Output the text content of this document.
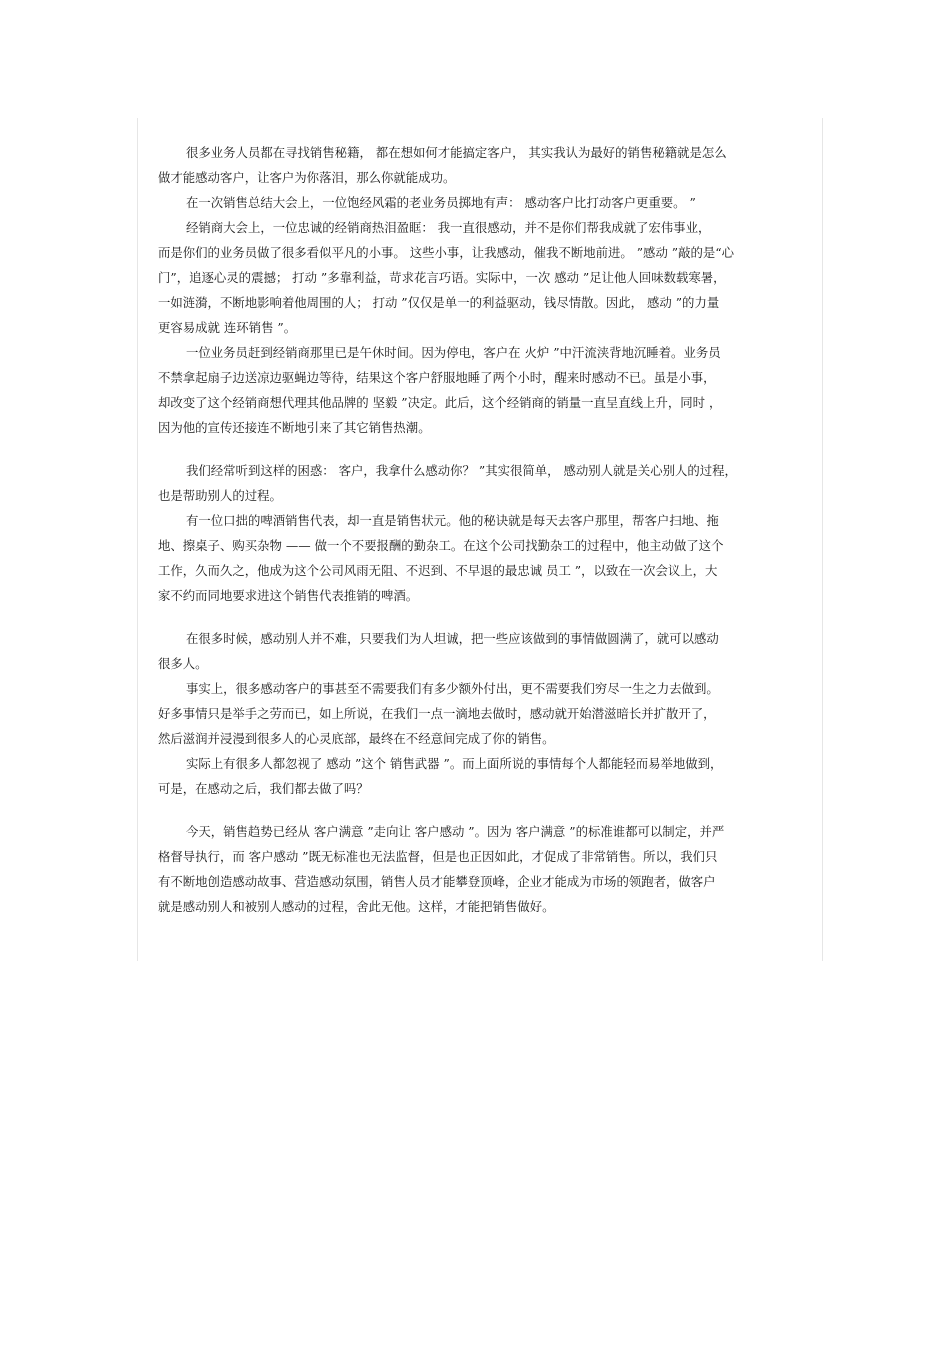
很多业务人员都在寻找销售秘籍， 都在想如何才能搞定客户， 其实我认为最好的销售秘籍就是怎么
做才能感动客户，让客户为你落泪，那么你就能成功。

在一次销售总结大会上，一位饱经风霜的老业务员掷地有声： 感动客户比打动客户更重要。 ”

经销商大会上，一位忠诚的经销商热泪盈眶： 我一直很感动，并不是你们帮我成就了宏伟事业，
而是你们的业务员做了很多看似平凡的小事。 这些小事，让我感动，催我不断地前进。 ”感动 ”敲的是“心
门”，追逐心灵的震撼； 打动 ”多靠利益，苛求花言巧语。实际中，一次 感动 ”足让他人回味数载寒暑，
一如涟漪，不断地影响着他周围的人； 打动 ”仅仅是单一的利益驱动，钱尽情散。因此， 感动 ”的力量
更容易成就 连环销售 ”。

一位业务员赶到经销商那里已是午休时间。因为停电，客户在 火炉 ”中汗流浃背地沉睡着。业务员
不禁拿起扇子边送凉边驱蝇边等待，结果这个客户舒服地睡了两个小时，醒来时感动不已。虽是小事，
却改变了这个经销商想代理其他品牌的 坚毅 ”决定。此后，这个经销商的销量一直呈直线上升，同时 ，
因为他的宣传还接连不断地引来了其它销售热潮。

我们经常听到这样的困惑： 客户，我拿什么感动你？ ”其实很简单， 感动别人就是关心别人的过程，
也是帮助别人的过程。

有一位口拙的啤酒销售代表，却一直是销售状元。他的秘诀就是每天去客户那里，帮客户扫地、拖
地、擦桌子、购买杂物 —— 做一个不要报酬的勤杂工。在这个公司找勤杂工的过程中，他主动做了这个
工作，久而久之，他成为这个公司风雨无阻、不迟到、不早退的最忠诚 员工 ”，以致在一次会议上，大
家不约而同地要求进这个销售代表推销的啤酒。

在很多时候，感动别人并不难，只要我们为人坦诚，把一些应该做到的事情做圆满了，就可以感动
很多人。

事实上，很多感动客户的事甚至不需要我们有多少额外付出，更不需要我们穷尽一生之力去做到。
好多事情只是举手之劳而已，如上所说，在我们一点一滴地去做时，感动就开始潜滋暗长并扩散开了，
然后滋润并浸漫到很多人的心灵底部，最终在不经意间完成了你的销售。

实际上有很多人都忽视了 感动 ”这个 销售武器 ”。而上面所说的事情每个人都能轻而易举地做到，
可是，在感动之后，我们都去做了吗？

今天，销售趋势已经从 客户满意 ”走向让 客户感动 ”。因为 客户满意 ”的标准谁都可以制定，并严
格督导执行，而 客户感动 ”既无标准也无法监督，但是也正因如此，才促成了非常销售。所以，我们只
有不断地创造感动故事、营造感动氛围，销售人员才能攀登顶峰，企业才能成为市场的领跑者，做客户
就是感动别人和被别人感动的过程，舍此无他。这样，才能把销售做好。
